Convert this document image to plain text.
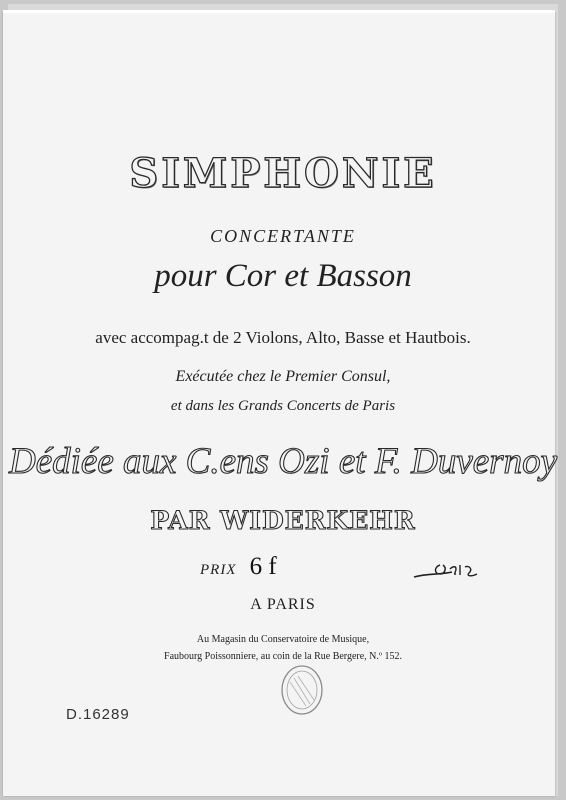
SIMPHONIE
CONCERTANTE
pour Cor et Basson
avec accompag.t de 2 Violons, Alto, Basse et Hautbois.
Exécutée chez le Premier Consul,
et dans les Grands Concerts de Paris
Dédiée aux C.ens Ozi et F. Duvernoy
PAR WIDERKEHR
PRIX 6 f
A PARIS
Au Magasin du Conservatoire de Musique,
Faubourg Poissonniere, au coin de la Rue Bergere, N.º 152.
D.16289
